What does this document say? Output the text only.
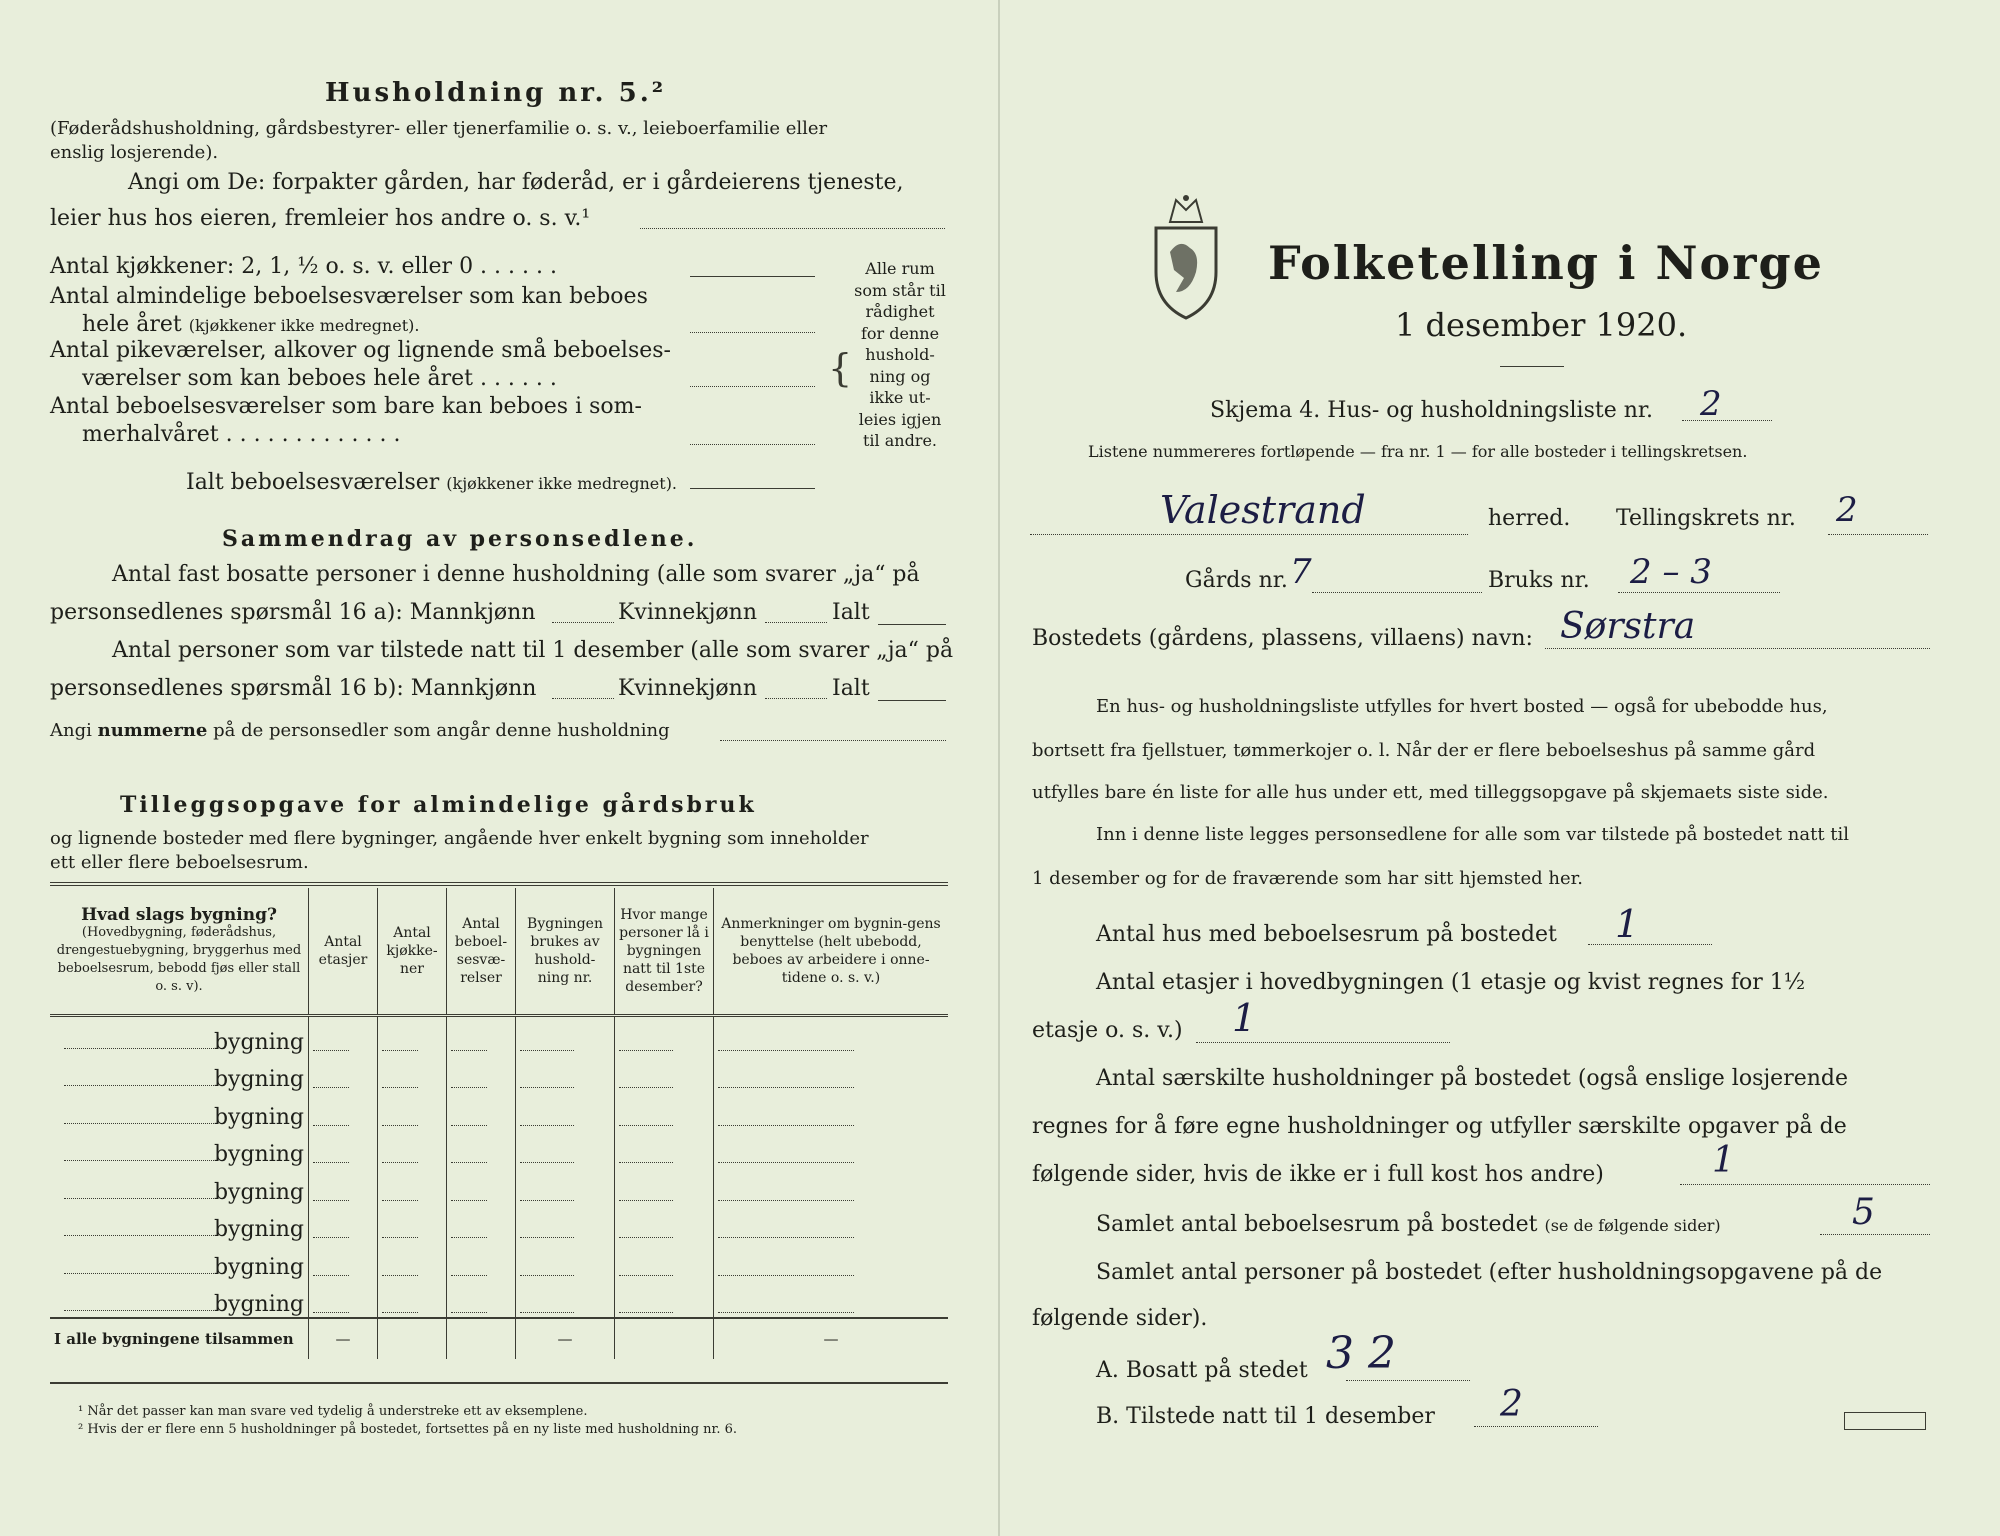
Husholdning nr. 5.²
(Føderådshusholdning, gårdsbestyrer- eller tjenerfamilie o. s. v., leieboerfamilie eller
enslig losjerende).
Angi om De: forpakter gården, har føderåd, er i gårdeierens tjeneste,
leier hus hos eieren, fremleier hos andre o. s. v.¹
Antal kjøkkener: 2, 1, ½ o. s. v. eller 0 . . . . . .
Antal almindelige beboelsesværelser som kan beboes
hele året (kjøkkener ikke medregnet).
Antal pikeværelser, alkover og lignende små beboelses-
værelser som kan beboes hele året . . . . . .
Antal beboelsesværelser som bare kan beboes i som-
merhalvåret . . . . . . . . . . . . .
Ialt beboelsesværelser (kjøkkener ikke medregnet).
{
Alle rum
som står til
rådighet
for denne
hushold-
ning og
ikke ut-
leies igjen
til andre.
Sammendrag av personsedlene.
Antal fast bosatte personer i denne husholdning (alle som svarer „ja“ på
personsedlenes spørsmål 16 a): Mannkjønn	Kvinnekjønn	Ialt
Antal personer som var tilstede natt til 1 desember (alle som svarer „ja“ på
personsedlenes spørsmål 16 b): Mannkjønn	Kvinnekjønn	Ialt
Angi nummerne på de personsedler som angår denne husholdning
Tilleggsopgave for almindelige gårdsbruk
og lignende bosteder med flere bygninger, angående hver enkelt bygning som inneholder
ett eller flere beboelsesrum.
Hvad slags bygning?
(Hovedbygning, føderådshus, drengestuebygning, bryggerhus med beboelsesrum, bebodd fjøs eller stall o. s. v).	Antal etasjer	Antal kjøkke-ner	Antal beboel-sesvæ-relser	Bygningen brukes av hushold-ning nr.	Hvor mange personer lå i bygningen natt til 1ste desember?	Anmerkninger om bygnin-gens benyttelse (helt ubebodd, beboes av arbeidere i onne-tidene o. s. v.)
bygning						
bygning						
bygning						
bygning						
bygning						
bygning						
bygning						
bygning						
I alle bygningene tilsammen	—			—		—
¹ Når det passer kan man svare ved tydelig å understreke ett av eksemplene.
² Hvis der er flere enn 5 husholdninger på bostedet, fortsettes på en ny liste med husholdning nr. 6.
Folketelling i Norge
1 desember 1920.
Skjema 4. Hus- og husholdningsliste nr. 2
Listene nummereres fortløpende — fra nr. 1 — for alle bosteder i tellingskretsen.
Valestrand	herred. Tellingskrets nr. 2
Gårds nr. 7	Bruks nr. 2 – 3
Bostedets (gårdens, plassens, villaens) navn: Sørstra
En hus- og husholdningsliste utfylles for hvert bosted — også for ubebodde hus,
bortsett fra fjellstuer, tømmerkojer o. l. Når der er flere beboelseshus på samme gård
utfylles bare én liste for alle hus under ett, med tilleggsopgave på skjemaets siste side.
Inn i denne liste legges personsedlene for alle som var tilstede på bostedet natt til
1 desember og for de fraværende som har sitt hjemsted her.
Antal hus med beboelsesrum på bostedet 1
Antal etasjer i hovedbygningen (1 etasje og kvist regnes for 1½
etasje o. s. v.) 1
Antal særskilte husholdninger på bostedet (også enslige losjerende
regnes for å føre egne husholdninger og utfyller særskilte opgaver på de
følgende sider, hvis de ikke er i full kost hos andre)	1
Samlet antal beboelsesrum på bostedet (se de følgende sider)	5
Samlet antal personer på bostedet (efter husholdningsopgavene på de
følgende sider).
A. Bosatt på stedet 3 2
B. Tilstede natt til 1 desember 2
